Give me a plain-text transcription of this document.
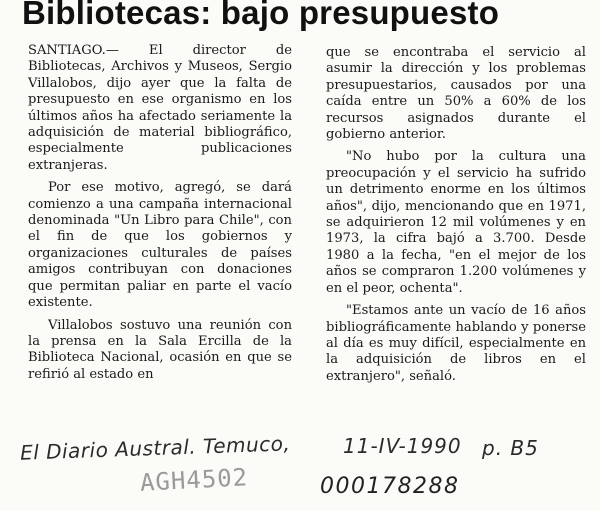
Bibliotecas: bajo presupuesto

SANTIAGO.— El director de Bibliotecas, Archivos y Museos, Sergio Villalobos, dijo ayer que la falta de presupuesto en ese organismo en los últimos años ha afectado seriamente la adquisición de material bibliográfico, especialmente publicaciones extranjeras.

Por ese motivo, agregó, se dará comienzo a una campaña internacional denominada "Un Libro para Chile", con el fin de que los gobiernos y organizaciones culturales de países amigos contribuyan con donaciones que permitan paliar en parte el vacío existente.

Villalobos sostuvo una reunión con la prensa en la Sala Ercilla de la Biblioteca Nacional, ocasión en que se refirió al estado en

que se encontraba el servicio al asumir la dirección y los problemas presupuestarios, causados por una caída entre un 50% a 60% de los recursos asignados durante el gobierno anterior.

"No hubo por la cultura una preocupación y el servicio ha sufrido un detrimento enorme en los últimos años", dijo, mencionando que en 1971, se adquirieron 12 mil volúmenes y en 1973, la cifra bajó a 3.700. Desde 1980 a la fecha, "en el mejor de los años se compraron 1.200 volúmenes y en el peor, ochenta".

"Estamos ante un vacío de 16 años bibliográficamente hablando y ponerse al día es muy difícil, especialmente en la adquisición de libros en el extranjero", señaló.

El Diario Austral. Temuco,	11-IV-1990 p. B5
AGH4502	000178288
